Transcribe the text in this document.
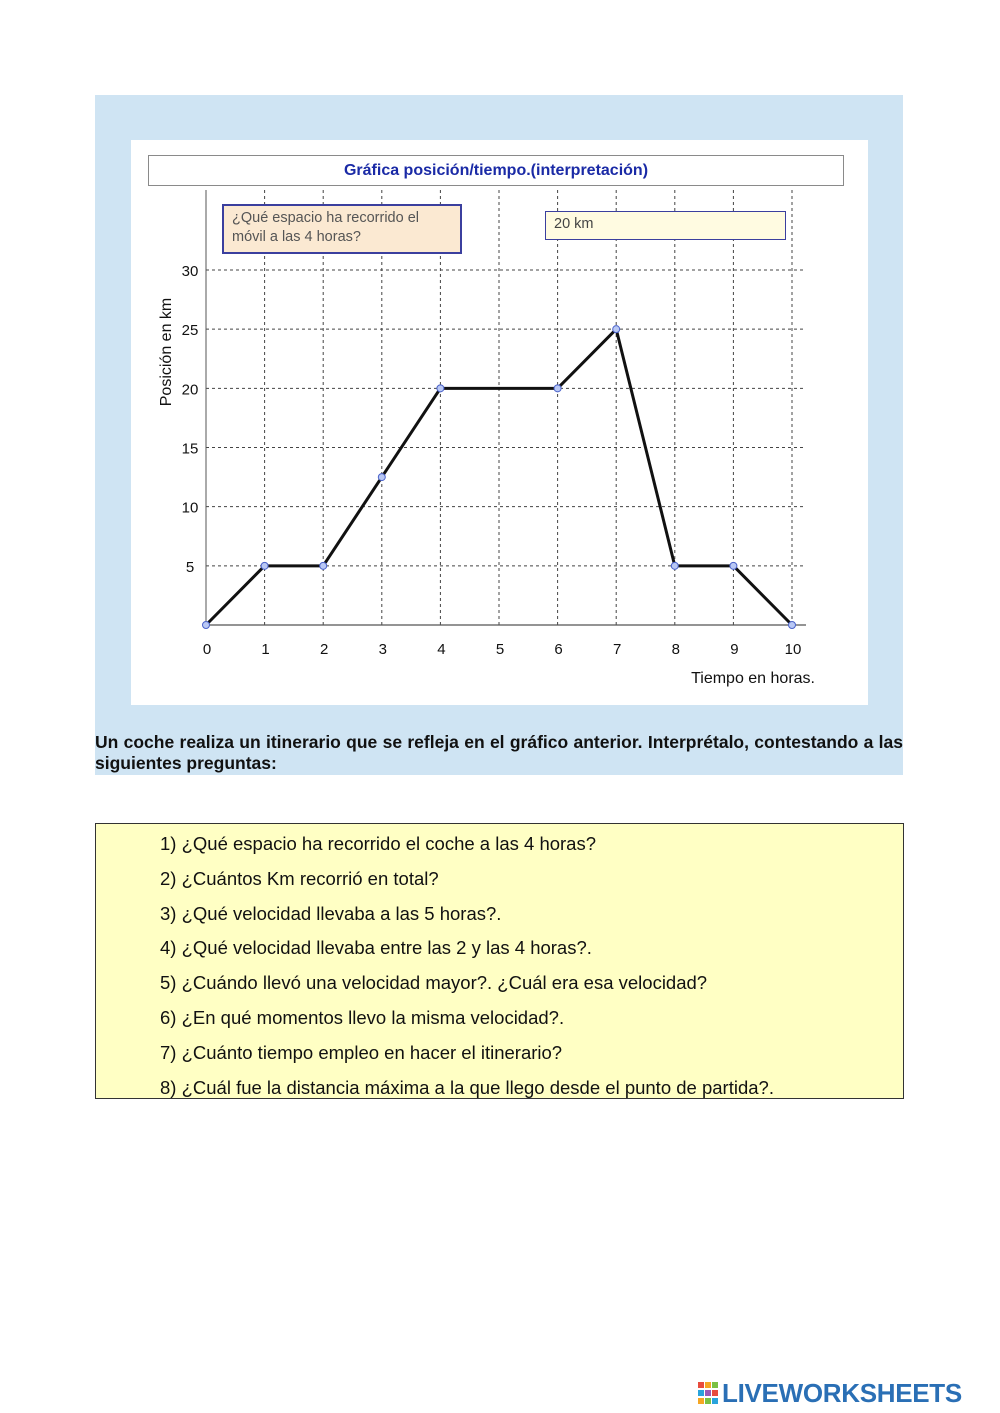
0	1	2	3	4	5	6	7	8	9	10
5
10
15
20
25
30
Tiempo en horas.
Posición en km
Gráfica posición/tiempo.(interpretación)
¿Qué espacio ha recorrido el móvil a las 4 horas?
20 km
Un coche realiza un itinerario que se refleja en el gráfico anterior. Interprétalo, contestando a las siguientes preguntas:
1) ¿Qué espacio ha recorrido el coche a las 4 horas?
2) ¿Cuántos Km recorrió en total?
3) ¿Qué velocidad llevaba a las 5 horas?.
4) ¿Qué velocidad llevaba entre las 2 y las 4 horas?.
5) ¿Cuándo llevó una velocidad mayor?. ¿Cuál era esa velocidad?
6) ¿En qué momentos llevo la misma velocidad?.
7) ¿Cuánto tiempo empleo en hacer el itinerario?
8) ¿Cuál fue la distancia máxima a la que llego desde el punto de partida?.
LIVEWORKSHEETS
